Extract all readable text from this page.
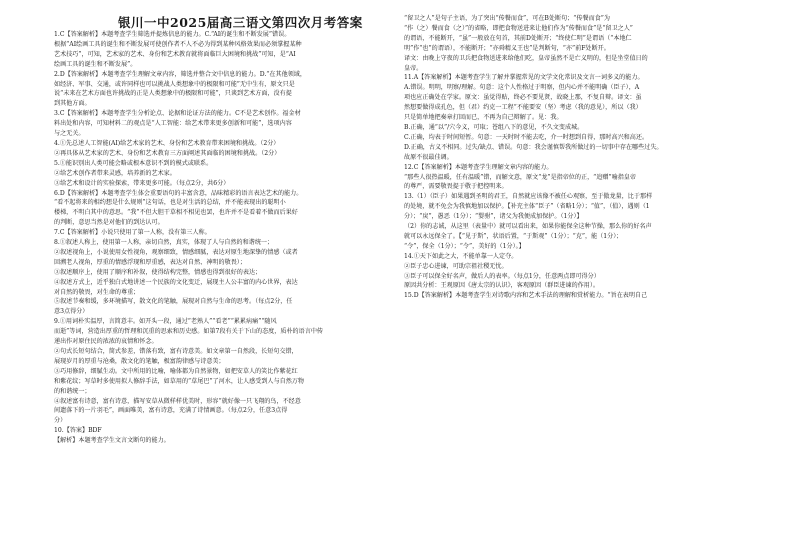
银川一中2025届高三语文第四次月考答案

1.C【答案解析】本题考查学生筛选并提炼信息的能力。C.“AI的诞生和不断发展”错误。

根据“AI绘画工具的诞生和不断发展可使创作者不人不必为得到某种风格效果而必须掌握某种

艺术技巧”，可知，艺术家的艺术、身份和艺术教育就将面临巨大困境和挑战”可知，是“AI

绘画工具的诞生和不断发展”。

2.D【答案解析】本题考查学生理解文章内容，筛选并整合文中信息的能力。D.“在其他领域，

如经济、军事、交通，或许同样也可以挑战人类想象中的极限和可能”无中生有，原文只是

说“未来在艺术方面也许挑战的正是人类想象中的极限和可能”，只谈到艺术方面，没有提

到其他方面。

3.C【答案解析】本题考查学生分析论点、论据和论证方法的能力。C不是艺术创作。福金材

料出处和内容，可知材料二的观点是“人工智能：给艺术带来更多创新和可能”，选项内容

与之无关。

4.①先总述人工智能(AI)给艺术家的艺术、身份和艺术教育带来困境和挑战。（2分）

②再具体从艺术家的艺术、身份和艺术教育三方面阐述其面临的困境和挑战。（2分）

5.①能识别出人类可能会略或根本意识不到的模式或联系。

②给艺术创作者带来灵感，培养新的艺术家。

③给艺术和设计的实验探索，带来更多可能。（每点2分，共6分）

6.D【答案解析】本题考查学生体会重要语句的丰富含意，品味精彩的语言表达艺术的能力。

“看不起将来的相约想是什么规则”这句话，也是对生活的总结，并不能表现出的聪明小

楼梯，不明白其中的意思。“我”不但大胆干草相不相见也罢，也许并不是看着不做而后果好

的判断，意思当然是对他们的到达认可。

7.C【答案解析】小说只使用了第一人称，没有第三人称。

8.①叙述人称上，使用第一人称，亲切自然，真实，体现了人与自然的和谐统一；

②叙述视角上，小说使用女性视角，观察细致，情感细腻，表达对原生地深挚的情感（或者

回溯老人视角，厚重的情感浮现和厚重感，表达对自然、神明的敬畏）；

③叙述顺序上，使用了顺序和补叙，使得结构完整，情感也得到很好的表达；

④叙述方式上，近乎独白式地讲述一个民族的文化变迁，展现主人公丰富的内心世界，表达

对自然的敬畏，对生命的尊重；

⑤叙述节奏和缓，多环境描写，散文化的笔触，展现对自然与生命的思考。（每点2分，任

意3点得分）

9.①用词朴实温厚，言简意丰。如开头一段，通过“老熟人”“看老”“累累病痛”“随风

而逝”等词，营造出厚重的哲理和沉重的思索和历史感。如第7段有关于下山的态度，质朴的语言中传

递出作对原住民的浓浓的哀情和怀念。

②句式长短句结合，简式参差，错落有致，富有诗意美。如文章第一自然段，长短句交错，

展现岁月的厚重与沧桑，散文化的笔触，极富韵律感与诗意美；

③巧用修辞，细腻生动。文中所用的比喻，喻体都为自然景物，如把安草人的笑比作紫花红

和紫花纹；写草时多使用拟人修辞手法，如草用的“草尾巴”了河水，让人感受到人与自然万物

的和谐统一；

④叙述富有诗意，富有诗意，描写安草从微样样优美时，形容“就好像一只飞翔的鸟，不经意

间遗落下的一片羽毛”，画面唯美，富有诗意，充满了诗情画意。（每点2分，任意3点得

分）

10.【答案】BDF

【解析】本题考查学生文言文断句的能力。

“留卫之人”是句子主语，为了突出“传餐而食”，可在B处断句；“传餐而食”为

“作（之）餐而食（之）”的省略，即把食物送进来让他们作为“传餐而食”是“留卫之人”

的谓语，不能断开，“虽”一般放在句首，其前D处断开；“终使仁明”是谓语（“本地仁

明”作“也”的谓语），不能断开；“亦舜精义王也”是判断句，“亦”前F处断开。

译文：由晚上守夜的卫兵把食物送进来给他们吃，皇帝虽然不是亡义明的，但是坐堂值日的

皇帝。

11.A【答案解析】本题考查学生了解并掌握常见的文学文化常识及文言一词多义的能力。

A.错误。明明，明察/理解。句意：这个人性格过于明察，但内心并不能明确（臣子），A

项也应正确处在学家。原文：虽觉得贴，终必不要见贤，故晓上那，不复自辩。译文：虽

然想要做得成孔色，但（君）约克一工程“不能要安（坚）考虑（我的意见），所以（我）

只是简单地把奏章打回而已，不再为自己辩解了。见：我。

B.正确，通“以”/穴今义，可取；苍组八下的意见，不久文变成城。

C.正确，均表于时间短暂。句意：一天时时不能去吃，介一时想到自得，那时高兴和高还。

D.正确，古义不相同。过失/缺点、错误。句意：我会谨慎帮我所做过的一切事中存在哪些过失。

故原不很最佳调。

12.C【答案解析】本题考查学生理解文章内容的能力。

“那些人很热温暖，任有温暖”错，而解文意，原文“龙”是指帝位的正，“追赠”喻指皇帝

的尊严，需要敬畏提于敬于把控明来。

13.（1）（臣子）如果遇到圣明的君王，自然就应该像不被任心观察，至于傲龙量，比于那样

的处境，就不免会为我慎地加以保护。【补充主体“臣子”（省略1分）；“值”，（值），遇则（1

分）；“戾”，愚恶（1分）；“婴驸”，诸父为我便成加保护。（1分）】

（2）你的志诚，从这里（表量中）就可以看出来，如果你能保全这种节操，那么你的好名声

就可以永远保全了。【“见于斯”，状语后置，“于斯观”（1分）；“克”，能（1分）；

“令”，保全（1分）；“令”，美好的（1分）。】

14.①天下如此之大，不能单靠一人定夺。

②臣子忠心进谏，可助宗祖社稷无忧。

③臣子可以保全好名声，做后人的表率。（每点1分，任意两点即可得分）

原因共分析：王观原因《唐太宗的认识》，客观原因（群臣进谏的作用）。

15.D【答案解析】本题考查学生对诗歌内容和艺术手法的理解和赏析能力。“旨在表明自己
